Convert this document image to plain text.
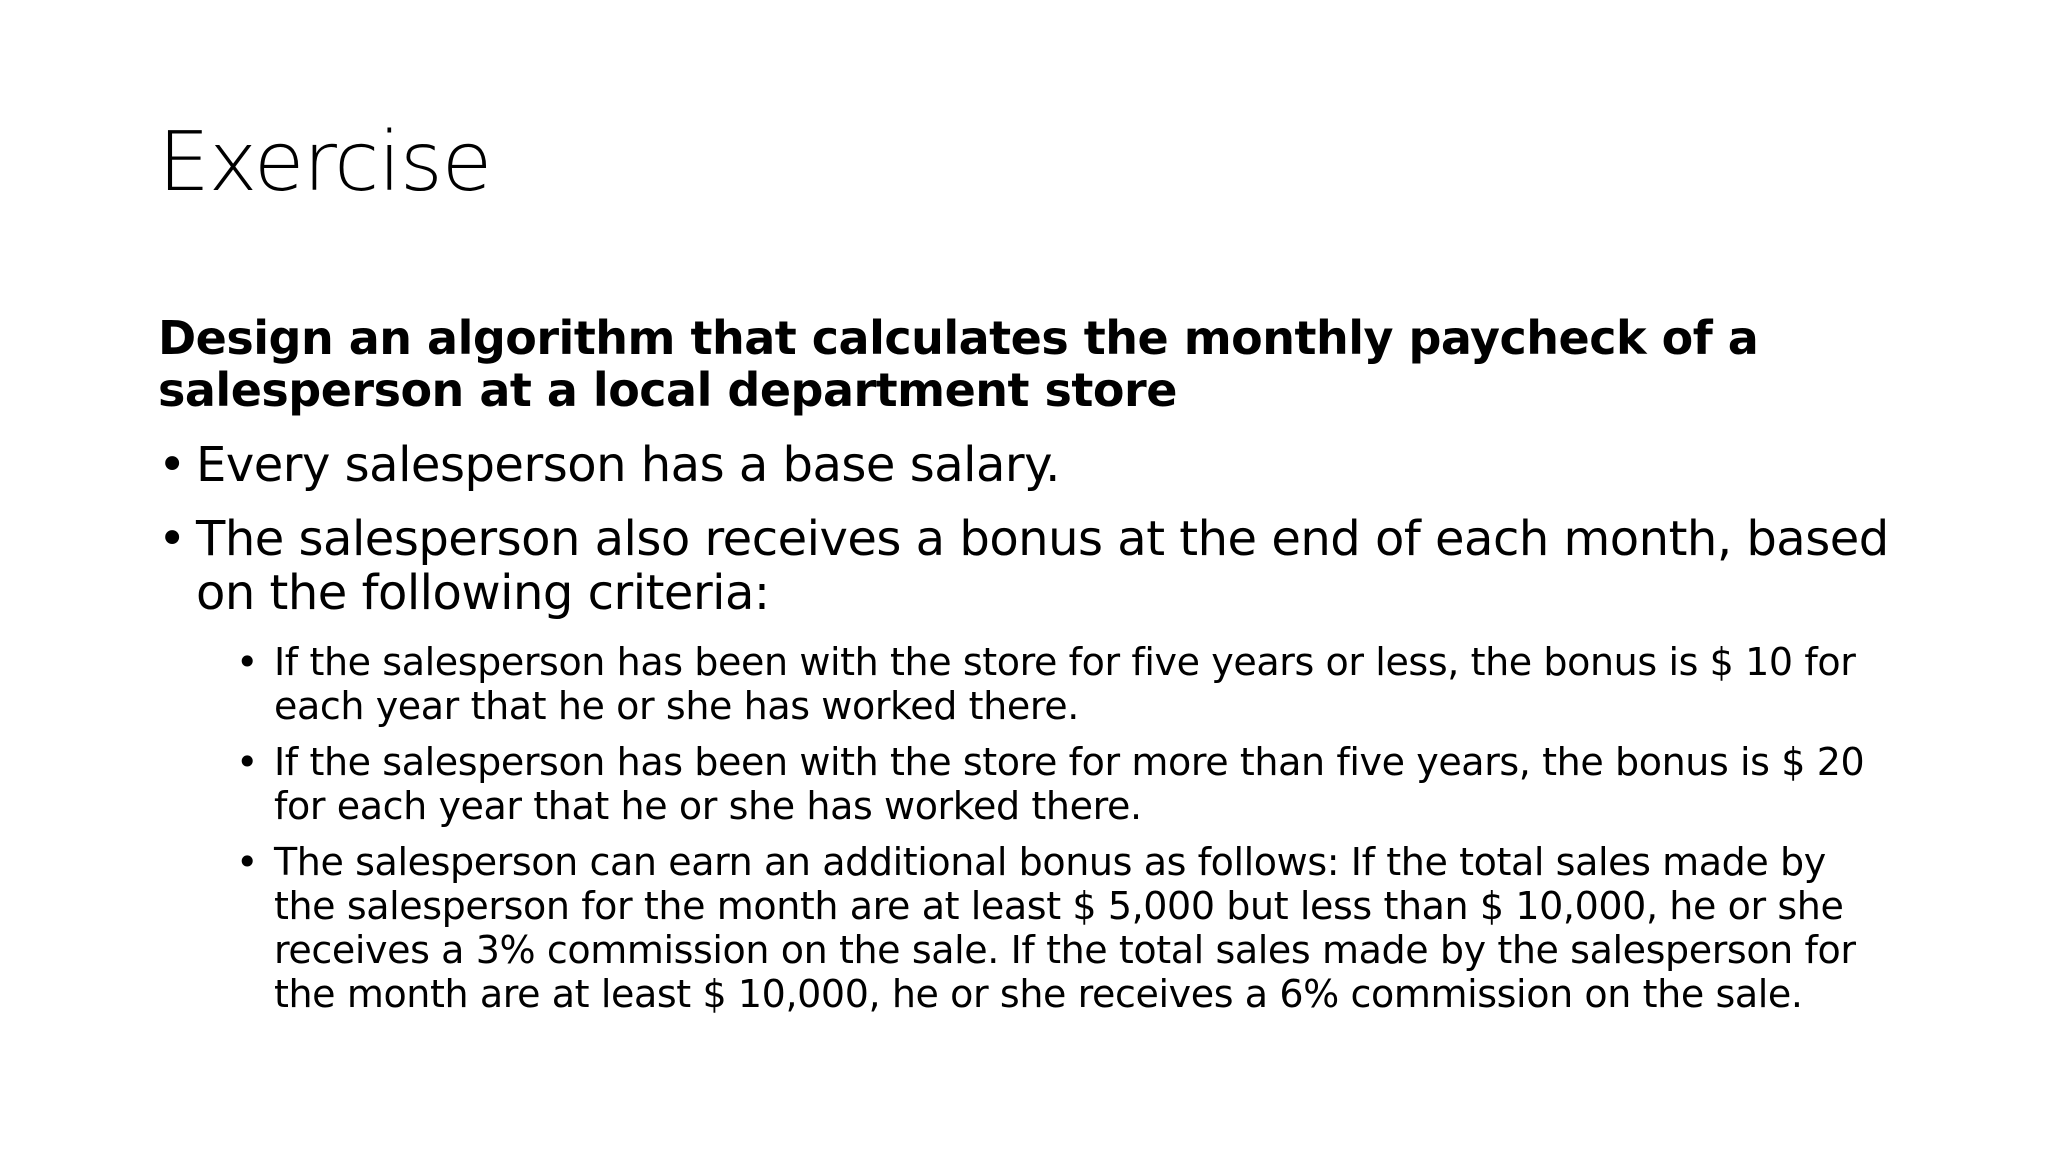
Exercise
Design an algorithm that calculates the monthly paycheck of a salesperson at a local department store
• Every salesperson has a base salary.
• The salesperson also receives a bonus at the end of each month, based on the following criteria:
• If the salesperson has been with the store for five years or less, the bonus is $ 10 for each year that he or she has worked there.
• If the salesperson has been with the store for more than five years, the bonus is $ 20 for each year that he or she has worked there.
• The salesperson can earn an additional bonus as follows: If the total sales made by the salesperson for the month are at least $ 5,000 but less than $ 10,000, he or she receives a 3% commission on the sale. If the total sales made by the salesperson for the month are at least $ 10,000, he or she receives a 6% commission on the sale.
